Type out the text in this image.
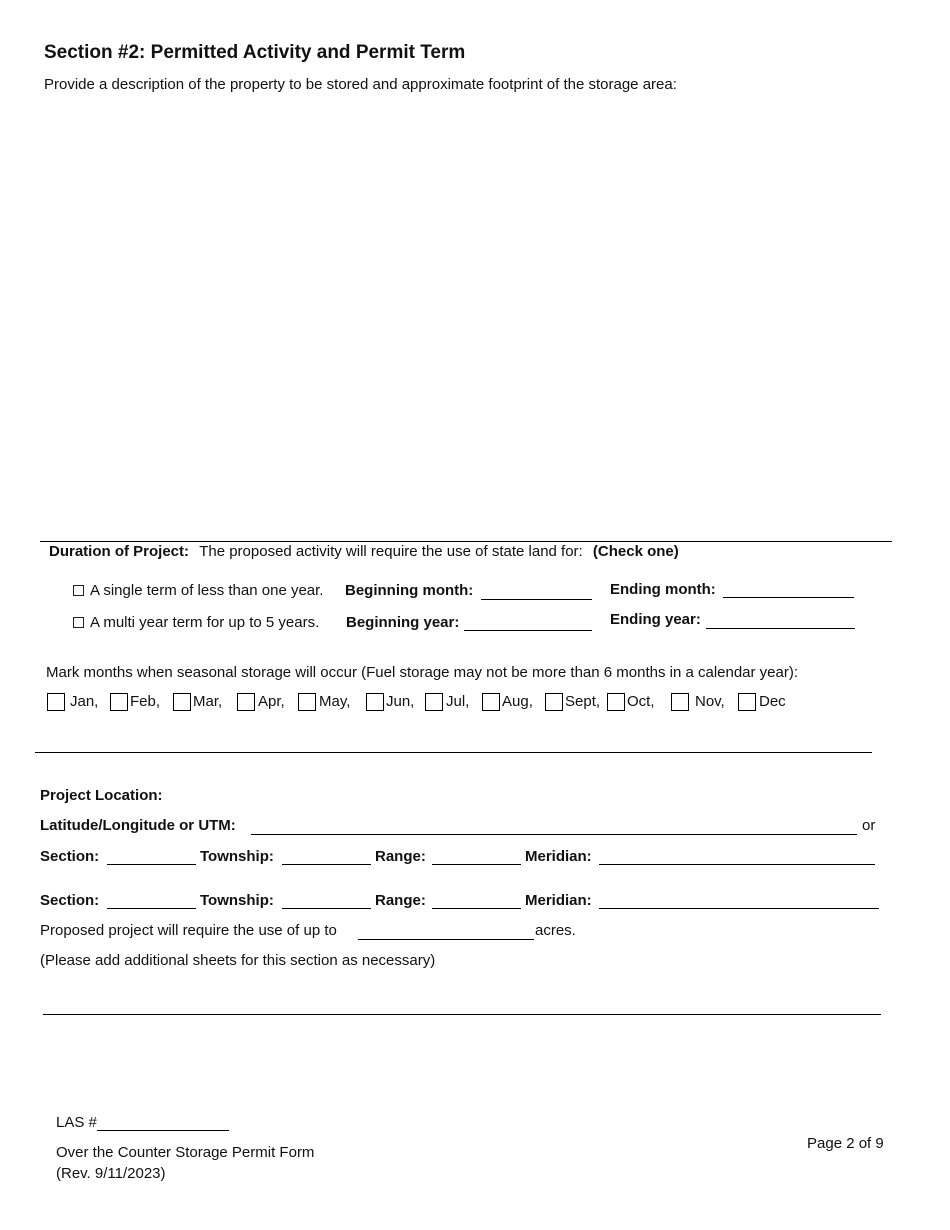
Section #2: Permitted Activity and Permit Term
Provide a description of the property to be stored and approximate footprint of the storage area:
Duration of Project: The proposed activity will require the use of state land for: (Check one)
A single term of less than one year. Beginning month:	Ending month:
A multi year term for up to 5 years. Beginning year:	Ending year:
Mark months when seasonal storage will occur (Fuel storage may not be more than 6 months in a calendar year):
Jan, Feb, Mar, Apr, May, Jun, Jul, Aug, Sept, Oct,	Nov, Dec
Project Location:
Latitude/Longitude or UTM:	or
Section:	Township:	Range:	Meridian:
Section:	Township:	Range:	Meridian:
Proposed project will require the use of up to	acres.
(Please add additional sheets for this section as necessary)
LAS #
Over the Counter Storage Permit Form
(Rev. 9/11/2023)
Page 2 of 9
